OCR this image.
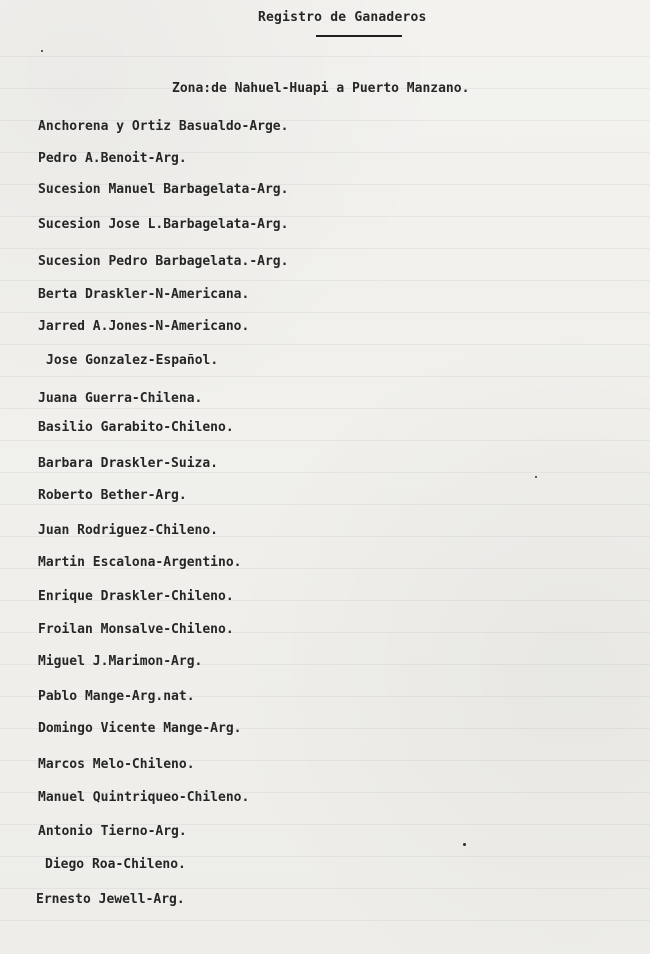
Registro de Ganaderos
Zona:de Nahuel-Huapi a Puerto Manzano.
Anchorena y Ortiz Basualdo-Arge.
Pedro A.Benoit-Arg.
Sucesion Manuel Barbagelata-Arg.
Sucesion Jose L.Barbagelata-Arg.
Sucesion Pedro Barbagelata.-Arg.
Berta Draskler-N-Americana.
Jarred A.Jones-N-Americano.
Jose Gonzalez-Español.
Juana Guerra-Chilena.
Basilio Garabito-Chileno.
Barbara Draskler-Suiza.
Roberto Bether-Arg.
Juan Rodriguez-Chileno.
Martin Escalona-Argentino.
Enrique Draskler-Chileno.
Froilan Monsalve-Chileno.
Miguel J.Marimon-Arg.
Pablo Mange-Arg.nat.
Domingo Vicente Mange-Arg.
Marcos Melo-Chileno.
Manuel Quintriqueo-Chileno.
Antonio Tierno-Arg.
Diego Roa-Chileno.
Ernesto Jewell-Arg.
